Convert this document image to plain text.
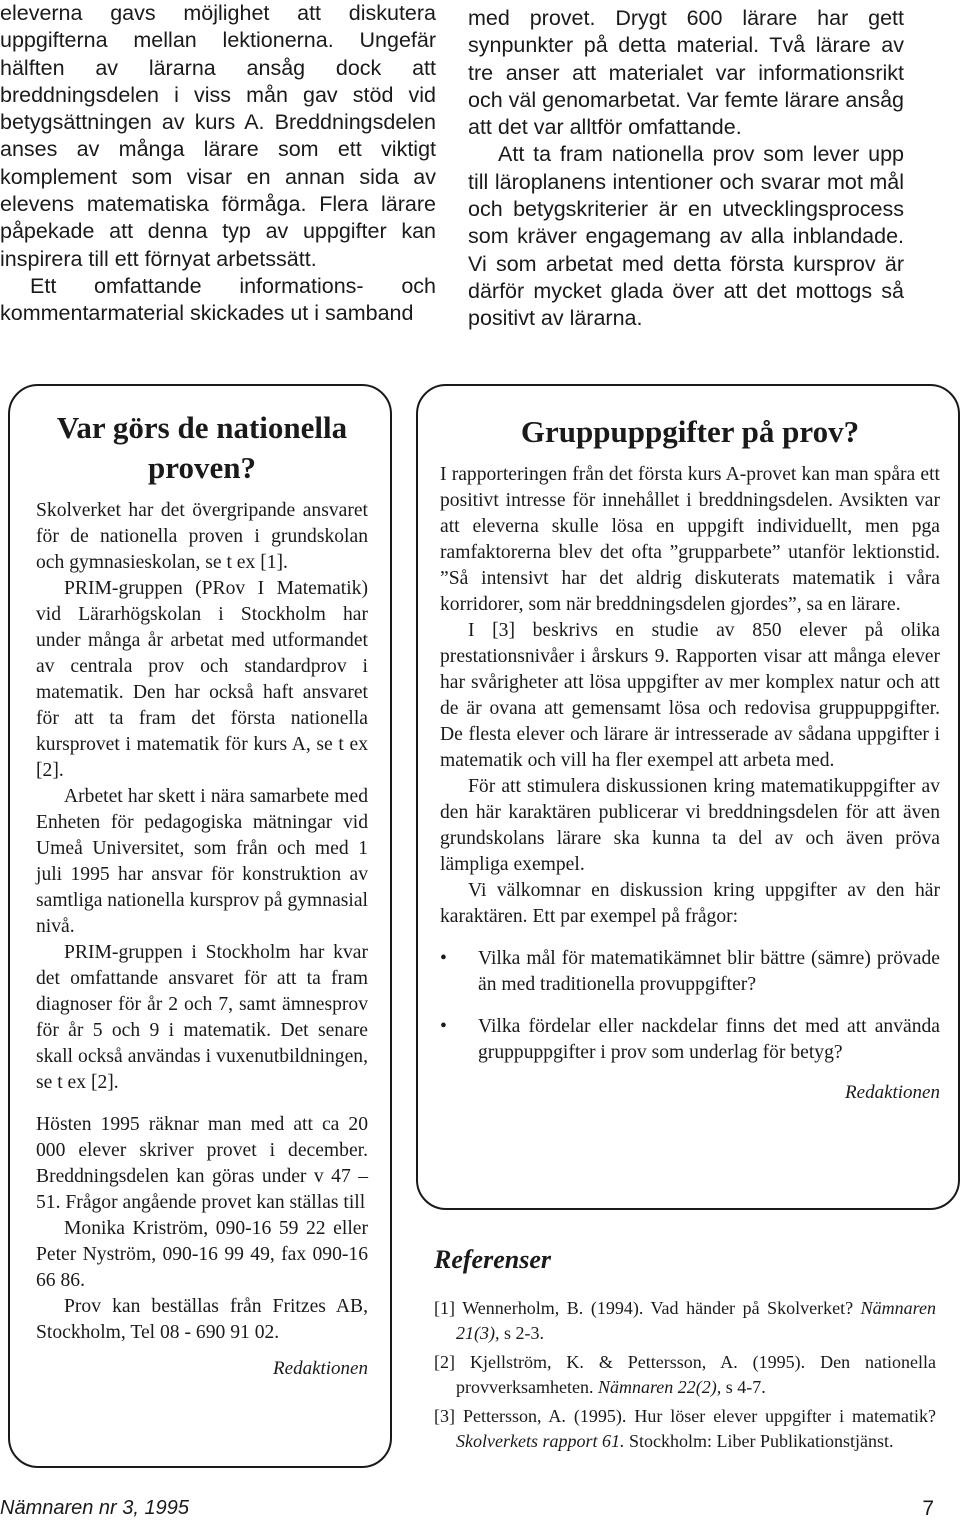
eleverna gavs möjlighet att diskutera uppgifterna mellan lektionerna. Ungefär hälften av lärarna ansåg dock att breddningsdelen i viss mån gav stöd vid betygsättningen av kurs A. Breddningsdelen anses av många lärare som ett viktigt komplement som visar en annan sida av elevens matematiska förmåga. Flera lärare påpekade att denna typ av uppgifter kan inspirera till ett förnyat arbetssätt.

Ett omfattande informations- och kommentarmaterial skickades ut i samband

med provet. Drygt 600 lärare har gett synpunkter på detta material. Två lärare av tre anser att materialet var informationsrikt och väl genomarbetat. Var femte lärare ansåg att det var alltför omfattande.

Att ta fram nationella prov som lever upp till läroplanens intentioner och svarar mot mål och betygskriterier är en utvecklingsprocess som kräver engagemang av alla inblandade. Vi som arbetat med detta första kursprov är därför mycket glada över att det mottogs så positivt av lärarna.

Var görs de nationella proven?

Skolverket har det övergripande ansvaret för de nationella proven i grundskolan och gymnasieskolan, se t ex [1].

PRIM-gruppen (PRov I Matematik) vid Lärarhögskolan i Stockholm har under många år arbetat med utformandet av centrala prov och standardprov i matematik. Den har också haft ansvaret för att ta fram det första nationella kursprovet i matematik för kurs A, se t ex [2].

Arbetet har skett i nära samarbete med Enheten för pedagogiska mätningar vid Umeå Universitet, som från och med 1 juli 1995 har ansvar för konstruktion av samtliga nationella kursprov på gymnasial nivå.

PRIM-gruppen i Stockholm har kvar det omfattande ansvaret för att ta fram diagnoser för år 2 och 7, samt ämnesprov för år 5 och 9 i matematik. Det senare skall också användas i vuxenutbildningen, se t ex [2].

Hösten 1995 räknar man med att ca 20 000 elever skriver provet i december. Breddningsdelen kan göras under v 47 – 51. Frågor angående provet kan ställas till

Monika Kriström, 090-16 59 22 eller Peter Nyström, 090-16 99 49, fax 090-16 66 86.

Prov kan beställas från Fritzes AB, Stockholm, Tel 08 - 690 91 02.

Redaktionen
Gruppuppgifter på prov?

I rapporteringen från det första kurs A-provet kan man spåra ett positivt intresse för innehållet i breddningsdelen. Avsikten var att eleverna skulle lösa en uppgift individuellt, men pga ramfaktorerna blev det ofta ”grupparbete” utanför lektionstid. ”Så intensivt har det aldrig diskuterats matematik i våra korridorer, som när breddningsdelen gjordes”, sa en lärare.

I [3] beskrivs en studie av 850 elever på olika prestationsnivåer i årskurs 9. Rapporten visar att många elever har svårigheter att lösa uppgifter av mer komplex natur och att de är ovana att gemensamt lösa och redovisa gruppuppgifter. De flesta elever och lärare är intresserade av sådana uppgifter i matematik och vill ha fler exempel att arbeta med.

För att stimulera diskussionen kring matematikuppgifter av den här karaktären publicerar vi breddningsdelen för att även grundskolans lärare ska kunna ta del av och även pröva lämpliga exempel.

Vi välkomnar en diskussion kring uppgifter av den här karaktären. Ett par exempel på frågor:

• Vilka mål för matematikämnet blir bättre (sämre) prövade än med traditionella provuppgifter?
• Vilka fördelar eller nackdelar finns det med att använda gruppuppgifter i prov som underlag för betyg?
Redaktionen
Referenser
[1] Wennerholm, B. (1994). Vad händer på Skolverket? Nämnaren 21(3), s 2-3.
[2] Kjellström, K. & Pettersson, A. (1995). Den nationella provverksamheten. Nämnaren 22(2), s 4-7.
[3] Pettersson, A. (1995). Hur löser elever uppgifter i matematik? Skolverkets rapport 61. Stockholm: Liber Publikationstjänst.
Nämnaren nr 3, 1995	7
